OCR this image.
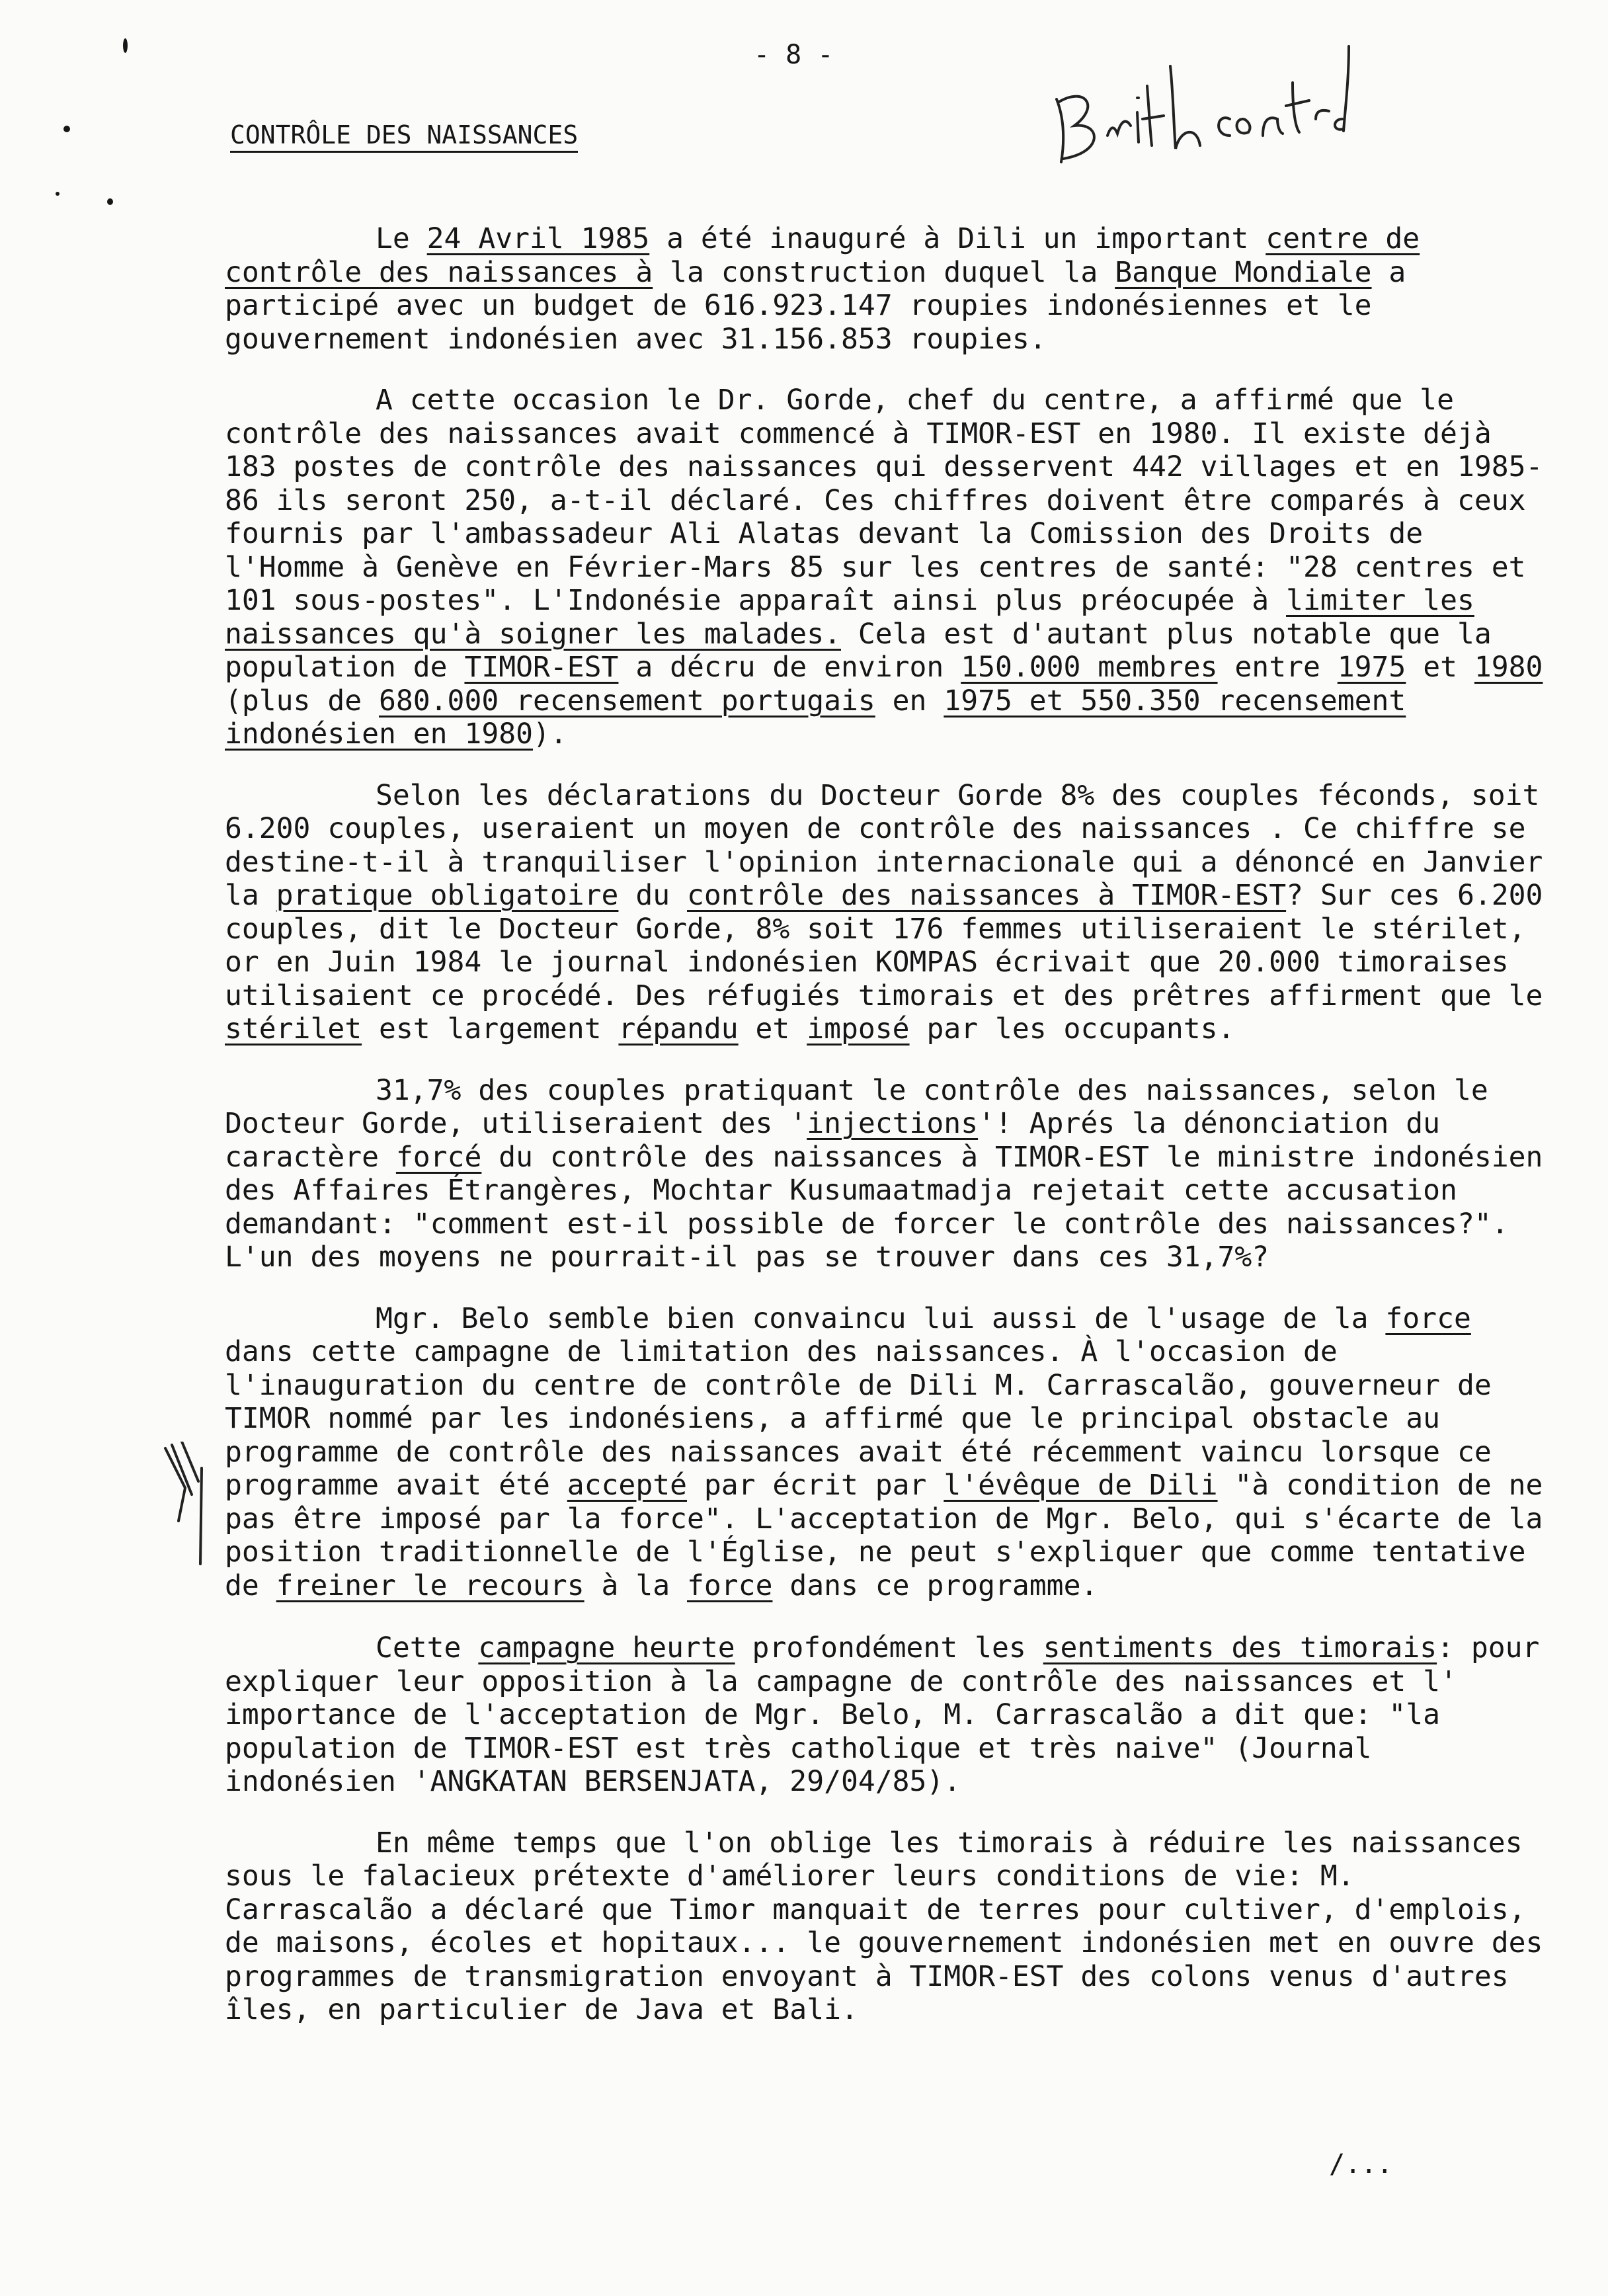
- 8 -
CONTRÔLE DES NAISSANCES

Le 24 Avril 1985 a été inauguré à Dili un important centre de contrôle des naissances à la construction duquel la Banque Mondiale a participé avec un budget de 616.923.147 roupies indonésiennes et le gouvernement indonésien avec 31.156.853 roupies.

A cette occasion le Dr. Gorde, chef du centre, a affirmé que le contrôle des naissances avait commencé à TIMOR-EST en 1980. Il existe déjà 183 postes de contrôle des naissances qui desservent 442 villages et en 1985-86 ils seront 250, a-t-il déclaré. Ces chiffres doivent être comparés à ceux fournis par l'ambassadeur Ali Alatas devant la Comission des Droits de l'Homme à Genève en Février-Mars 85 sur les centres de santé: "28 centres et 101 sous-postes". L'Indonésie apparaît ainsi plus préocupée à limiter les naissances qu'à soigner les malades. Cela est d'autant plus notable que la population de TIMOR-EST a décru de environ 150.000 membres entre 1975 et 1980 (plus de 680.000 recensement portugais en 1975 et 550.350 recensement indonésien en 1980).

Selon les déclarations du Docteur Gorde 8% des couples féconds, soit 6.200 couples, useraient un moyen de contrôle des naissances . Ce chiffre se destine-t-il à tranquiliser l'opinion internacionale qui a dénoncé en Janvier la pratique obligatoire du contrôle des naissances à TIMOR-EST? Sur ces 6.200 couples, dit le Docteur Gorde, 8% soit 176 femmes utiliseraient le stérilet, or en Juin 1984 le journal indonésien KOMPAS écrivait que 20.000 timoraises utilisaient ce procédé. Des réfugiés timorais et des prêtres affirment que le stérilet est largement répandu et imposé par les occupants.

31,7% des couples pratiquant le contrôle des naissances, selon le Docteur Gorde, utiliseraient des 'injections'! Aprés la dénonciation du caractère forcé du contrôle des naissances à TIMOR-EST le ministre indonésien des Affaires Étrangères, Mochtar Kusumaatmadja rejetait cette accusation demandant: "comment est-il possible de forcer le contrôle des naissances?". L'un des moyens ne pourrait-il pas se trouver dans ces 31,7%?

Mgr. Belo semble bien convaincu lui aussi de l'usage de la force dans cette campagne de limitation des naissances. À l'occasion de l'inauguration du centre de contrôle de Dili M. Carrascalão, gouverneur de TIMOR nommé par les indonésiens, a affirmé que le principal obstacle au programme de contrôle des naissances avait été récemment vaincu lorsque ce programme avait été accepté par écrit par l'évêque de Dili "à condition de ne pas être imposé par la force". L'acceptation de Mgr. Belo, qui s'écarte de la position traditionnelle de l'Église, ne peut s'expliquer que comme tentative de freiner le recours à la force dans ce programme.

Cette campagne heurte profondément les sentiments des timorais: pour expliquer leur opposition à la campagne de contrôle des naissances et l' importance de l'acceptation de Mgr. Belo, M. Carrascalão a dit que: "la population de TIMOR-EST est très catholique et très naive" (Journal indonésien 'ANGKATAN BERSENJATA, 29/04/85).

En même temps que l'on oblige les timorais à réduire les naissances sous le falacieux prétexte d'améliorer leurs conditions de vie: M. Carrascalão a déclaré que Timor manquait de terres pour cultiver, d'emplois, de maisons, écoles et hopitaux... le gouvernement indonésien met en ouvre des programmes de transmigration envoyant à TIMOR-EST des colons venus d'autres îles, en particulier de Java et Bali.

/...
